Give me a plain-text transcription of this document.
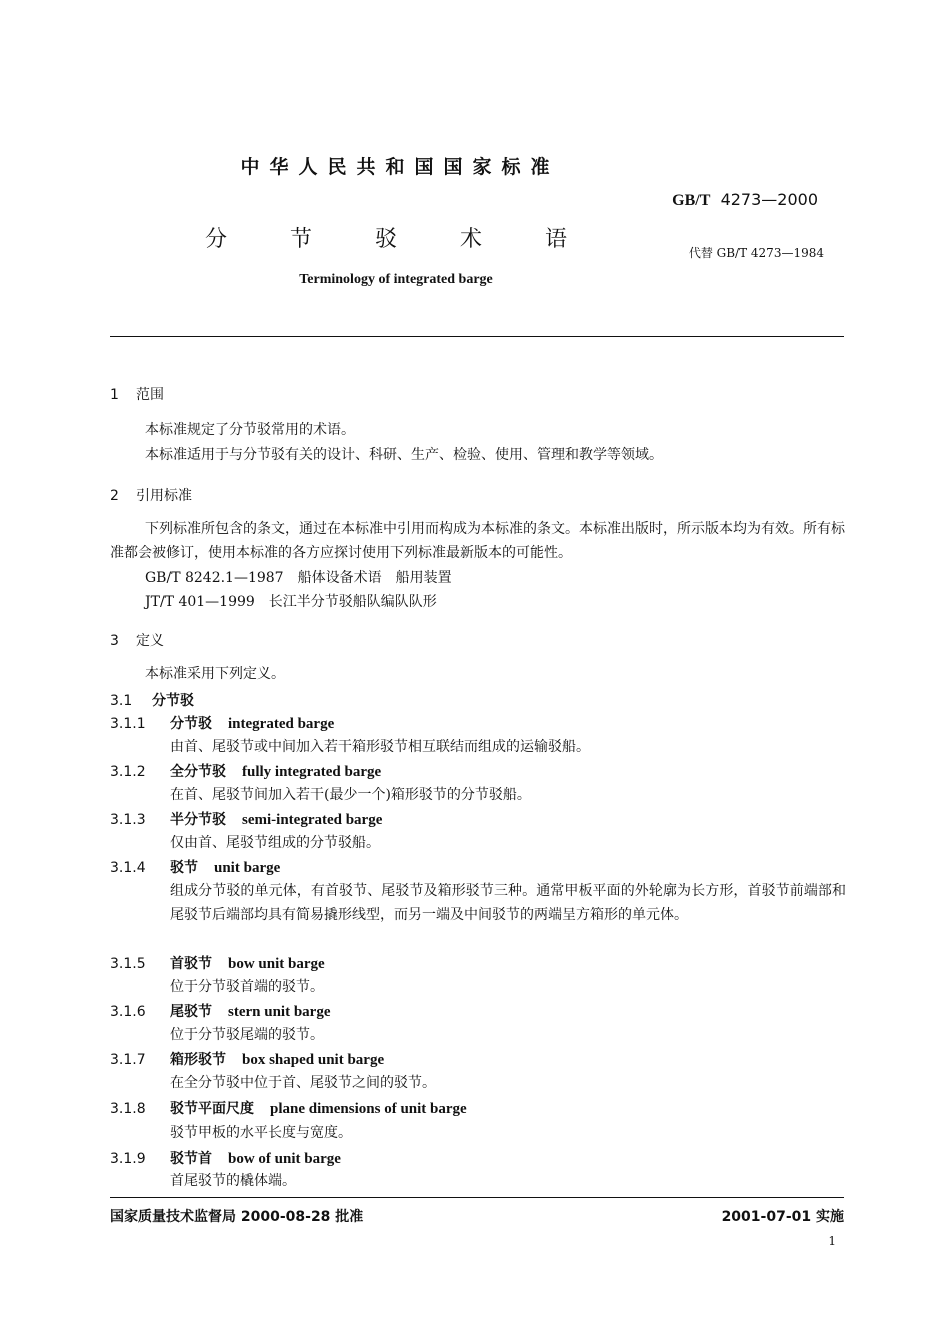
中华人民共和国国家标准
GB/T 4273—2000
分 节 驳 术 语
代替 GB/T 4273—1984
Terminology of integrated barge
1 范围
本标准规定了分节驳常用的术语。
本标准适用于与分节驳有关的设计、科研、生产、检验、使用、管理和教学等领域。
2 引用标准
下列标准所包含的条文，通过在本标准中引用而构成为本标准的条文。本标准出版时，所示版本均为有效。所有标准都会被修订，使用本标准的各方应探讨使用下列标准最新版本的可能性。
GB/T 8242.1—1987　船体设备术语　船用装置
JT/T 401—1999　长江半分节驳船队编队队形
3 定义
本标准采用下列定义。
3.1 分节驳
3.1.1 分节驳 integrated barge
由首、尾驳节或中间加入若干箱形驳节相互联结而组成的运输驳船。
3.1.2 全分节驳 fully integrated barge
在首、尾驳节间加入若干(最少一个)箱形驳节的分节驳船。
3.1.3 半分节驳 semi-integrated barge
仅由首、尾驳节组成的分节驳船。
3.1.4 驳节 unit barge
组成分节驳的单元体，有首驳节、尾驳节及箱形驳节三种。通常甲板平面的外轮廓为长方形，首驳节前端部和尾驳节后端部均具有简易撬形线型，而另一端及中间驳节的两端呈方箱形的单元体。
3.1.5 首驳节 bow unit barge
位于分节驳首端的驳节。
3.1.6 尾驳节 stern unit barge
位于分节驳尾端的驳节。
3.1.7 箱形驳节 box shaped unit barge
在全分节驳中位于首、尾驳节之间的驳节。
3.1.8 驳节平面尺度 plane dimensions of unit barge
驳节甲板的水平长度与宽度。
3.1.9 驳节首 bow of unit barge
首尾驳节的橇体端。
国家质量技术监督局 2000-08-28 批准	2001-07-01 实施
1
